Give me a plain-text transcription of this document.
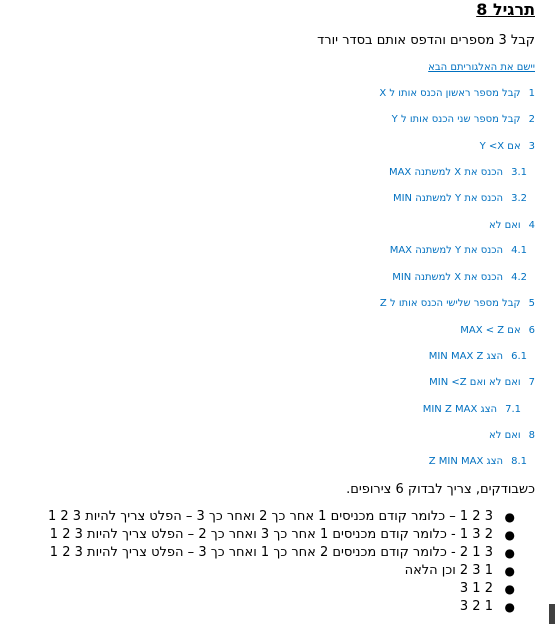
תרגיל 8
קבל 3 מספרים והדפס אותם בסדר יורד
יישם את האלגוריתם הבא
1קבל מספר ראשון הכנס אותו ל X
2קבל מספר שני הכנס אותו ל Y
3אם Y <X
3.1הכנס את X למשתנה MAX
3.2הכנס את Y למשתנה MIN
4ואם לא
4.1הכנס את Y למשתנה MAX
4.2הכנס את X למשתנה MIN
5קבל מספר שלישי הכנס אותו ל Z
6אם MAX < Z
6.1הצג MIN MAX Z
7ואם לא ואם MIN <Z
7.1הצג MIN Z MAX
8ואם לא
8.1הצג Z MIN MAX
כשבודקים, צריך לבדוק 6 צירופים.
●
3 2 1 – כלומר קודם מכניסים 1 אחר כך 2 ואחר כך 3 – הפלט צריך להיות 3 2 1
●
2 3 1 - כלומר קודם מכניסים 1 אחר כך 3 ואחר כך 2 – הפלט צריך להיות 3 2 1
●
3 1 2 - כלומר קודם מכניסים 2 אחר כך 1 ואחר כך 3 – הפלט צריך להיות 3 2 1
●
1 3 2 וכן הלאה
●
2 1 3
●
1 2 3
